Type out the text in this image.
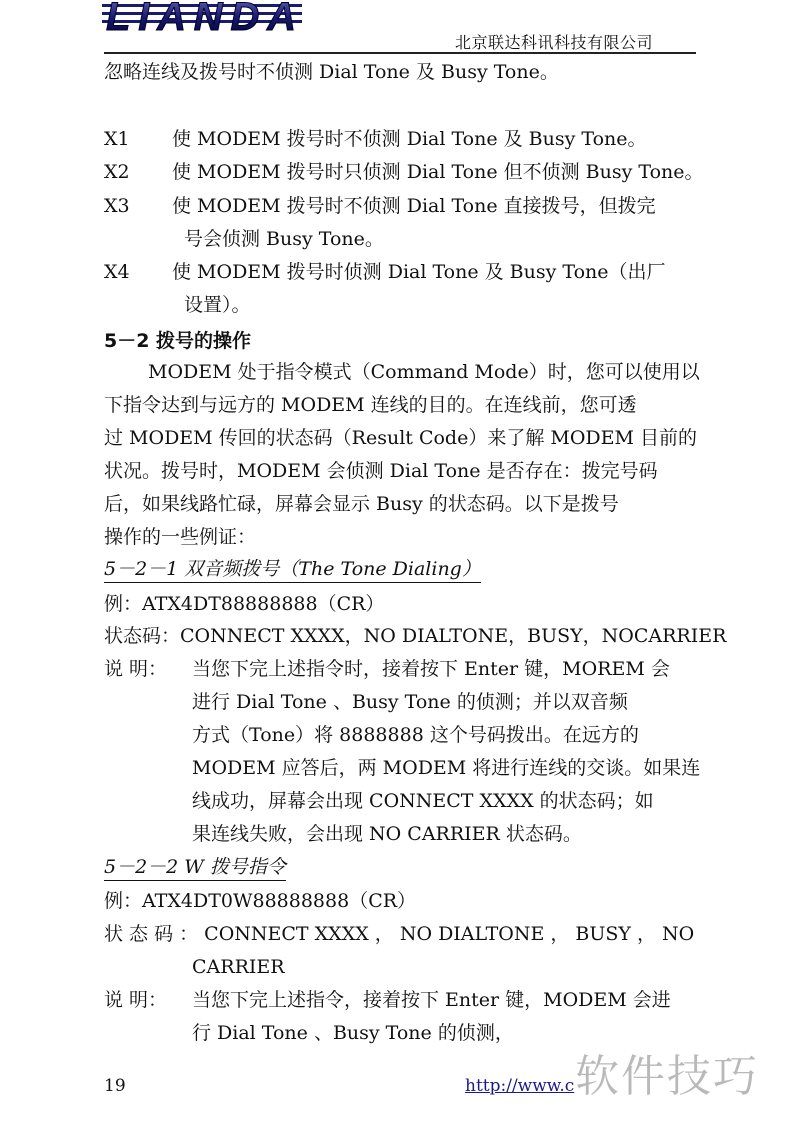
LIANDA
北京联达科讯科技有限公司
忽略连线及拨号时不侦测 Dial Tone 及 Busy Tone。
X1 使 MODEM 拨号时不侦测 Dial Tone 及 Busy Tone。
X2 使 MODEM 拨号时只侦测 Dial Tone 但不侦测 Busy Tone。
X3 使 MODEM 拨号时不侦测 Dial Tone 直接拨号，但拨完
号会侦测 Busy Tone。
X4 使 MODEM 拨号时侦测 Dial Tone 及 Busy Tone（出厂
设置）。
5－2 拨号的操作
MODEM 处于指令模式（Command Mode）时，您可以使用以
下指令达到与远方的 MODEM 连线的目的。在连线前，您可透
过 MODEM 传回的状态码（Result Code）来了解 MODEM 目前的
状况。拨号时，MODEM 会侦测 Dial Tone 是否存在：拨完号码
后，如果线路忙碌，屏幕会显示 Busy 的状态码。以下是拨号
操作的一些例证：
5－2－1 双音频拨号（The Tone Dialing）
例：ATX4DT88888888（CR）
状态码：CONNECT XXXX，NO DIALTONE，BUSY，NOCARRIER
说 明： 当您下完上述指令时，接着按下 Enter 键，MOREM 会
进行 Dial Tone 、Busy Tone 的侦测；并以双音频
方式（Tone）将 8888888 这个号码拨出。在远方的
MODEM 应答后，两 MODEM 将进行连线的交谈。如果连
线成功，屏幕会出现 CONNECT XXXX 的状态码；如
果连线失败，会出现 NO CARRIER 状态码。
5－2－2 W 拨号指令
例：ATX4DT0W88888888（CR）
状 态 码 ： CONNECT XXXX ， NO DIALTONE ， BUSY ， NO
CARRIER
说 明： 当您下完上述指令，接着按下 Enter 键，MODEM 会进
行 Dial Tone 、Busy Tone 的侦测，
19	http://www.c 软件技巧
